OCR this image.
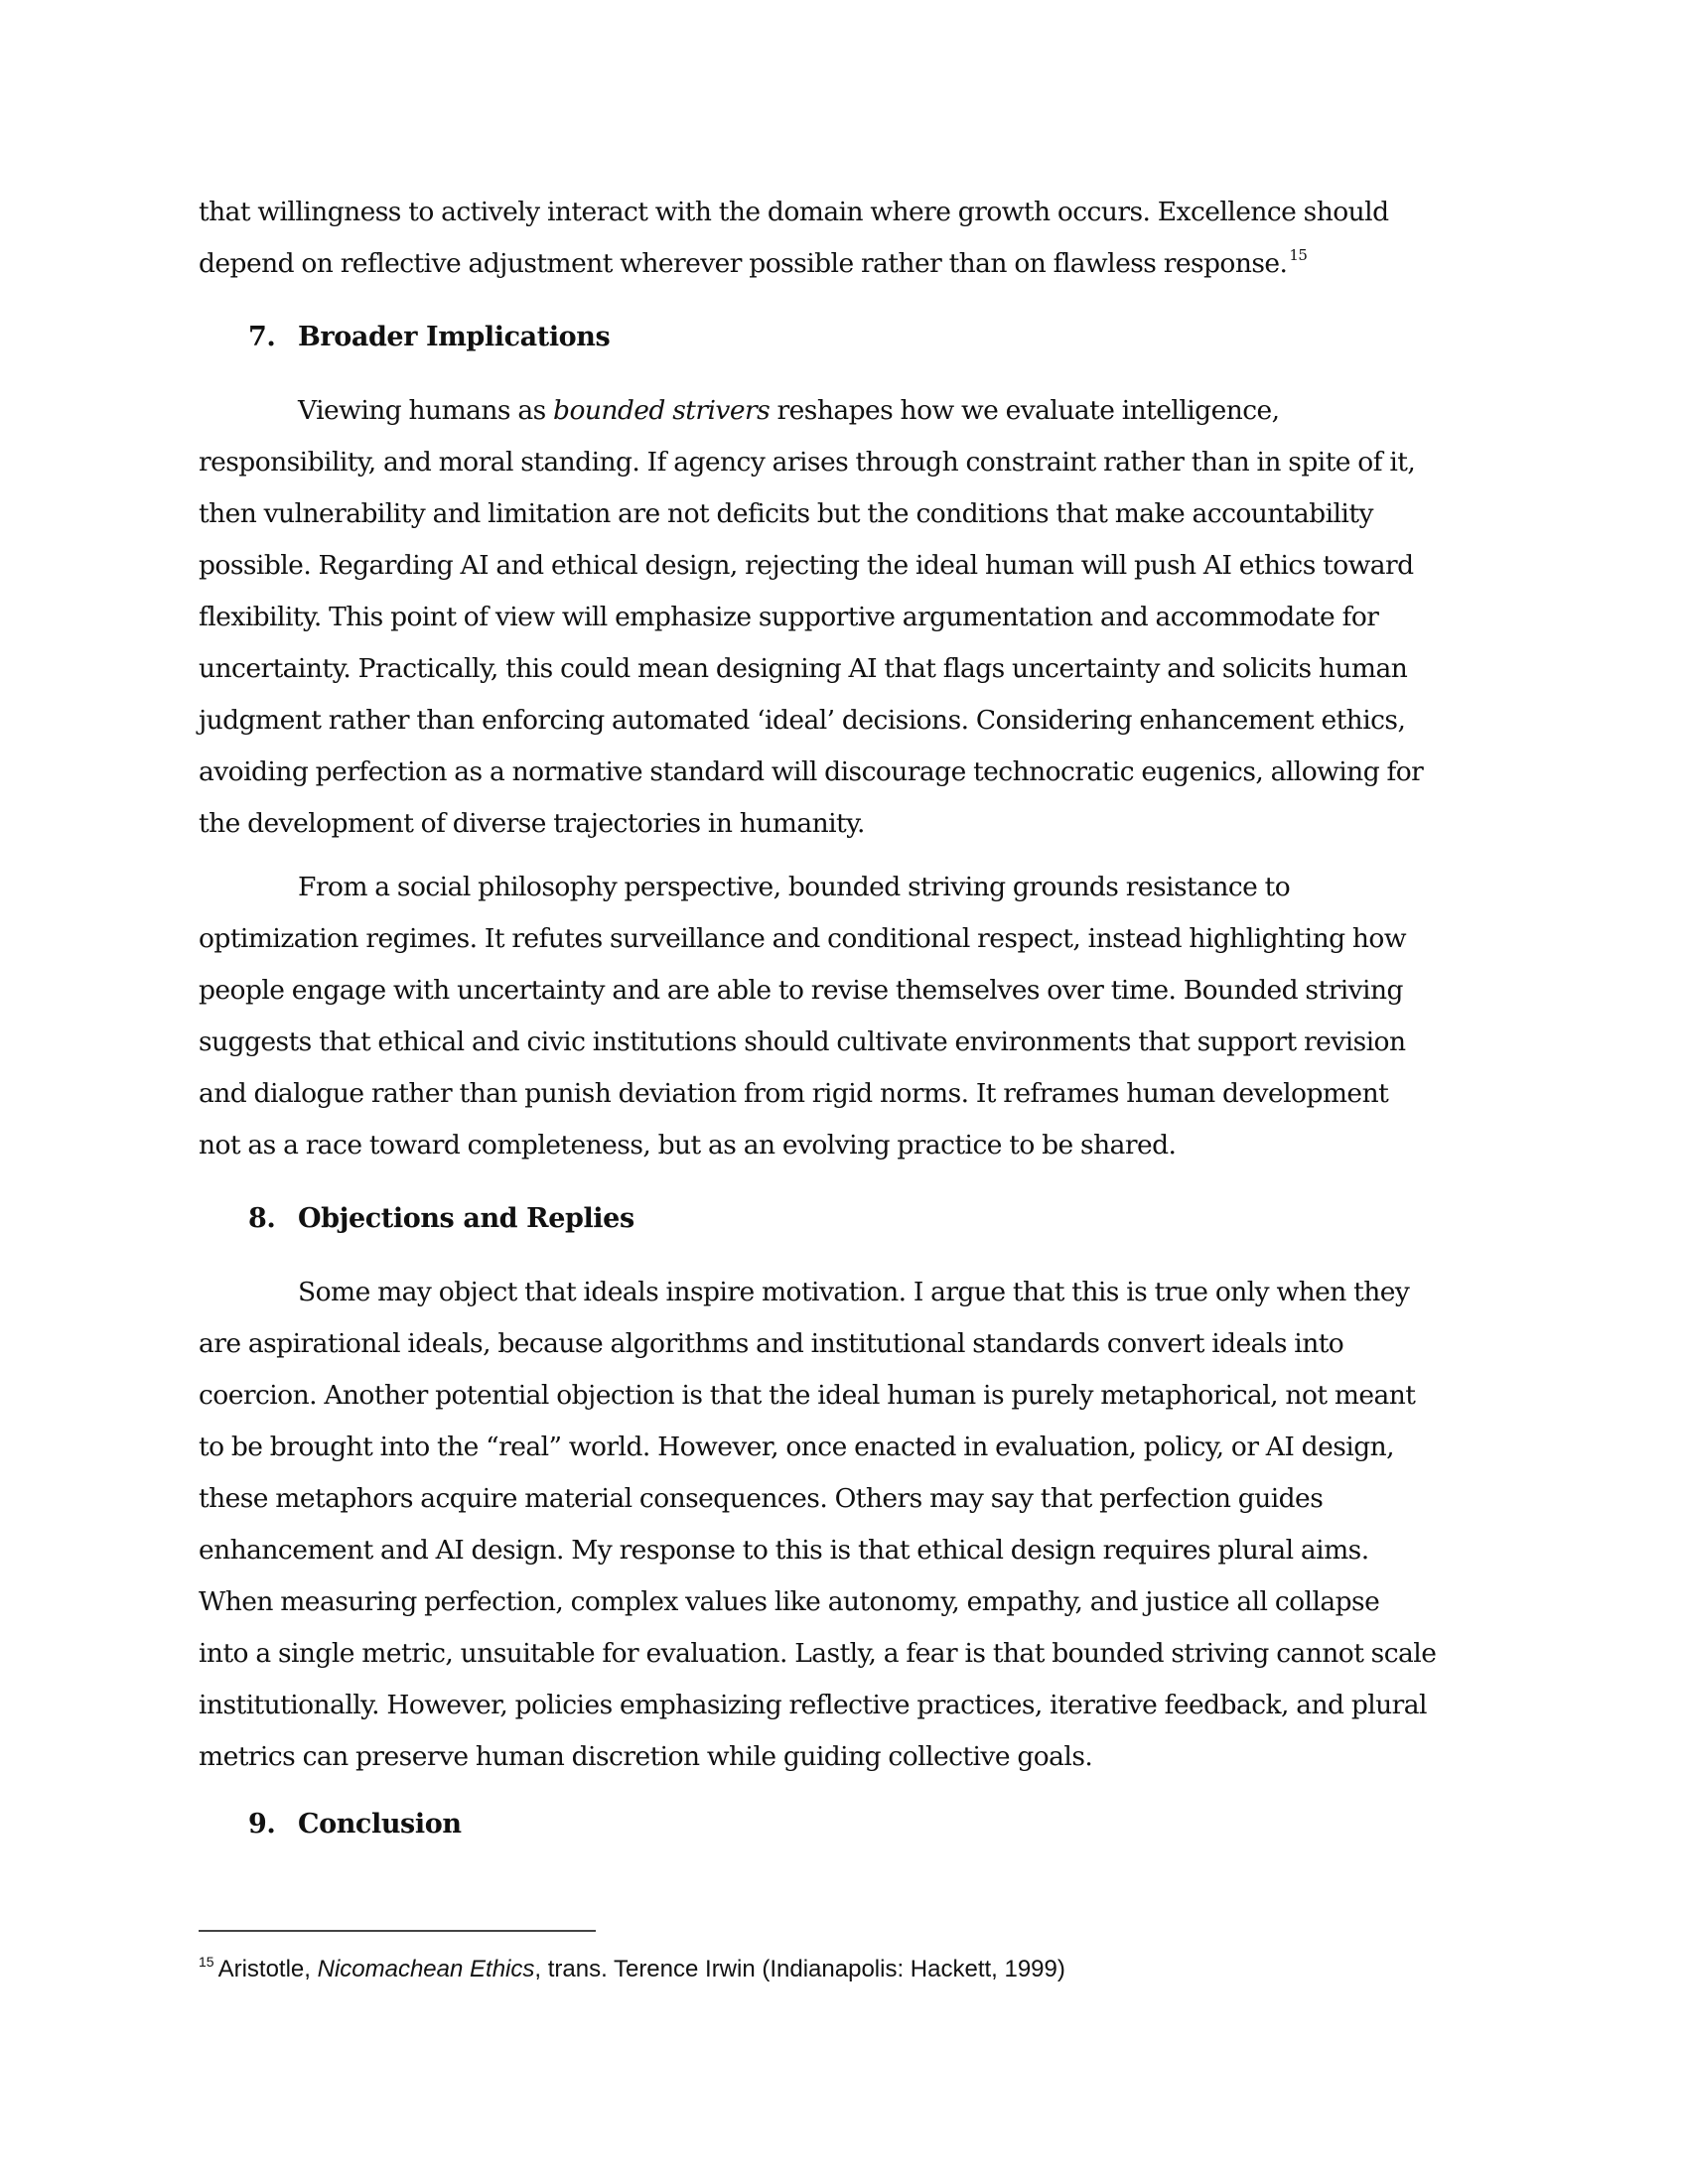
that willingness to actively interact with the domain where growth occurs. Excellence should
depend on reflective adjustment wherever possible rather than on flawless response. $^{15}$
7. Broader Implications
Viewing humans as bounded strivers reshapes how we evaluate intelligence,
responsibility, and moral standing. If agency arises through constraint rather than in spite of it,
then vulnerability and limitation are not deficits but the conditions that make accountability
possible. Regarding AI and ethical design, rejecting the ideal human will push AI ethics toward
flexibility. This point of view will emphasize supportive argumentation and accommodate for
uncertainty. Practically, this could mean designing AI that flags uncertainty and solicits human
judgment rather than enforcing automated ‘ideal’ decisions. Considering enhancement ethics,
avoiding perfection as a normative standard will discourage technocratic eugenics, allowing for
the development of diverse trajectories in humanity.
From a social philosophy perspective, bounded striving grounds resistance to
optimization regimes. It refutes surveillance and conditional respect, instead highlighting how
people engage with uncertainty and are able to revise themselves over time. Bounded striving
suggests that ethical and civic institutions should cultivate environments that support revision
and dialogue rather than punish deviation from rigid norms. It reframes human development
not as a race toward completeness, but as an evolving practice to be shared.
8. Objections and Replies
Some may object that ideals inspire motivation. I argue that this is true only when they
are aspirational ideals, because algorithms and institutional standards convert ideals into
coercion. Another potential objection is that the ideal human is purely metaphorical, not meant
to be brought into the “real” world. However, once enacted in evaluation, policy, or AI design,
these metaphors acquire material consequences. Others may say that perfection guides
enhancement and AI design. My response to this is that ethical design requires plural aims.
When measuring perfection, complex values like autonomy, empathy, and justice all collapse
into a single metric, unsuitable for evaluation. Lastly, a fear is that bounded striving cannot scale
institutionally. However, policies emphasizing reflective practices, iterative feedback, and plural
metrics can preserve human discretion while guiding collective goals.
9. Conclusion
$^{15}$ Aristotle, Nicomachean Ethics, trans. Terence Irwin (Indianapolis: Hackett, 1999)
